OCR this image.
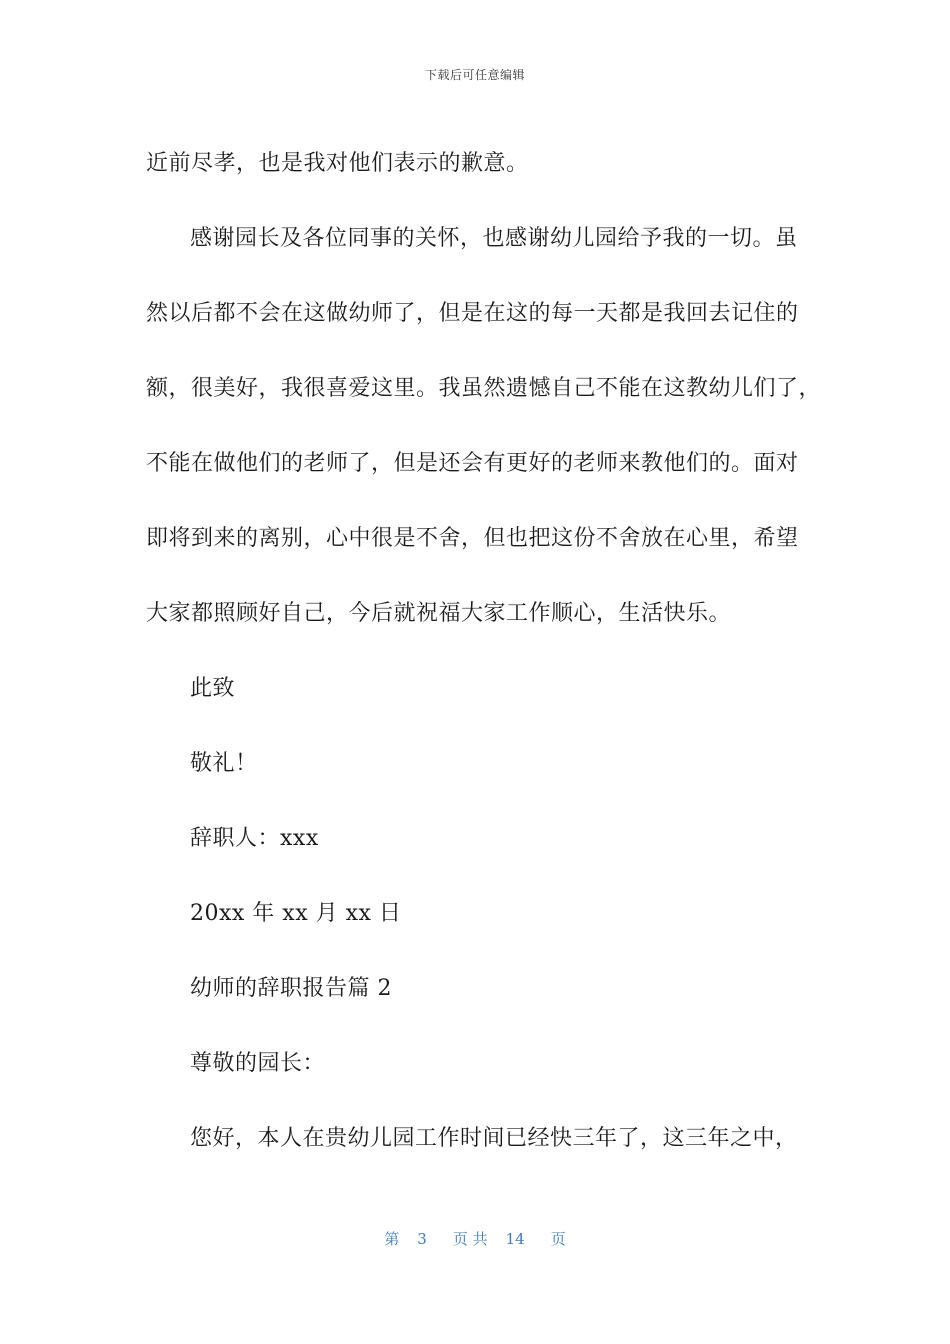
下载后可任意编辑
近前尽孝，也是我对他们表示的歉意。
感谢园长及各位同事的关怀，也感谢幼儿园给予我的一切。虽
然以后都不会在这做幼师了，但是在这的每一天都是我回去记住的
额，很美好，我很喜爱这里。我虽然遗憾自己不能在这教幼儿们了，
不能在做他们的老师了，但是还会有更好的老师来教他们的。面对
即将到来的离别，心中很是不舍，但也把这份不舍放在心里，希望
大家都照顾好自己，今后就祝福大家工作顺心，生活快乐。
此致
敬礼！
辞职人：xxx
20xx 年 xx 月 xx 日
幼师的辞职报告篇 2
尊敬的园长：
您好，本人在贵幼儿园工作时间已经快三年了，这三年之中，
第 3 页 共 14 页
